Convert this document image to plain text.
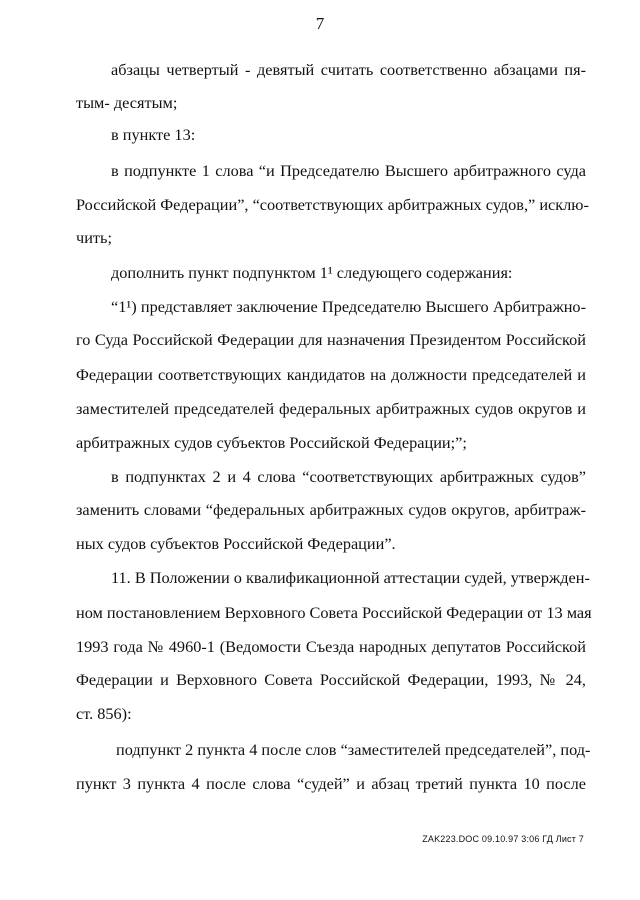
7
абзацы четвертый - девятый считать соответственно абзацами пя-
тым- десятым;
в пункте 13:
в подпункте 1 слова “и Председателю Высшего арбитражного суда
Российской Федерации”, “соответствующих арбитражных судов,” исклю-
чить;
дополнить пункт подпунктом 1¹ следующего содержания:
“1¹) представляет заключение Председателю Высшего Арбитражно-
го Суда Российской Федерации для назначения Президентом Российской
Федерации соответствующих кандидатов на должности председателей и
заместителей председателей федеральных арбитражных судов округов и
арбитражных судов субъектов Российской Федерации;”;
в подпунктах 2 и 4 слова “соответствующих арбитражных судов”
заменить словами “федеральных арбитражных судов округов, арбитраж-
ных судов субъектов Российской Федерации”.
11. В Положении о квалификационной аттестации судей, утвержден-
ном постановлением Верховного Совета Российской Федерации от 13 мая
1993 года № 4960-1 (Ведомости Съезда народных депутатов Российской
Федерации и Верховного Совета Российской Федерации, 1993, № 24,
ст. 856):
подпункт 2 пункта 4 после слов “заместителей председателей”, под-
пункт 3 пункта 4 после слова “судей” и абзац третий пункта 10 после
ZAK223.DOC 09.10.97 3:06 ГД Лист 7
